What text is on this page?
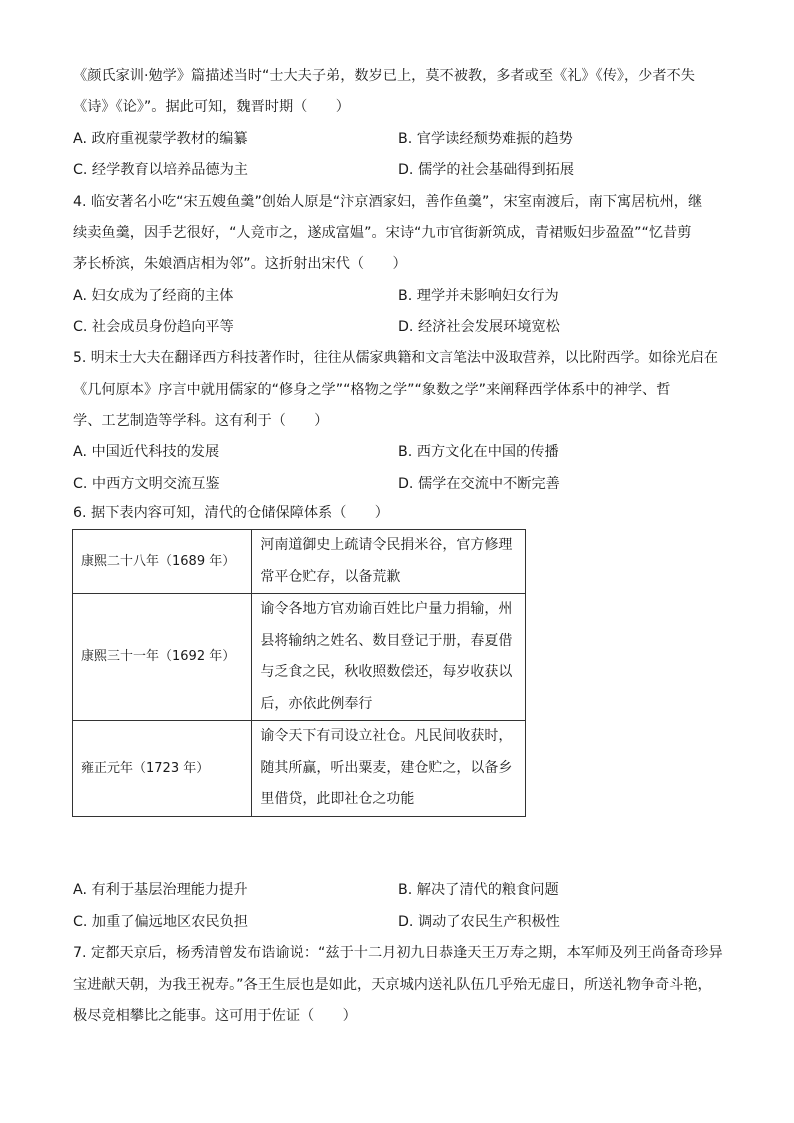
《颜氏家训·勉学》篇描述当时“士大夫子弟，数岁已上，莫不被教，多者或至《礼》《传》，少者不失
《诗》《论》”。据此可知，魏晋时期（　　）
A. 政府重视蒙学教材的编纂	B. 官学读经颓势难振的趋势
C. 经学教育以培养品德为主	D. 儒学的社会基础得到拓展
4. 临安著名小吃“宋五嫂鱼羹”创始人原是“汴京酒家妇，善作鱼羹”，宋室南渡后，南下寓居杭州，继
续卖鱼羹，因手艺很好，“人竞市之，遂成富媪”。宋诗“九市官街新筑成，青裙贩妇步盈盈”“忆昔剪
茅长桥滨，朱娘酒店相为邻”。这折射出宋代（　　）
A. 妇女成为了经商的主体	B. 理学并未影响妇女行为
C. 社会成员身份趋向平等	D. 经济社会发展环境宽松
5. 明末士大夫在翻译西方科技著作时，往往从儒家典籍和文言笔法中汲取营养，以比附西学。如徐光启在
《几何原本》序言中就用儒家的“修身之学”“格物之学”“象数之学”来阐释西学体系中的神学、哲
学、工艺制造等学科。这有利于（　　）
A. 中国近代科技的发展	B. 西方文化在中国的传播
C. 中西方文明交流互鉴	D. 儒学在交流中不断完善
6. 据下表内容可知，清代的仓储保障体系（　　）
康熙二十八年（1689 年）	河南道御史上疏请令民捐米谷，官方修理
常平仓贮存，以备荒歉

康熙三十一年（1692 年）	谕令各地方官劝谕百姓比户量力捐输，州
县将输纳之姓名、数目登记于册，春夏借
与乏食之民，秋收照数偿还，每岁收获以
后，亦依此例奉行

雍正元年（1723 年）	谕令天下有司设立社仓。凡民间收获时，
随其所赢，听出粟麦，建仓贮之，以备乡
里借贷，此即社仓之功能
A. 有利于基层治理能力提升	B. 解决了清代的粮食问题
C. 加重了偏远地区农民负担	D. 调动了农民生产积极性
7. 定都天京后，杨秀清曾发布诰谕说：“兹于十二月初九日恭逢天王万寿之期，本军师及列王尚备奇珍异
宝进献天朝，为我王祝寿。”各王生辰也是如此，天京城内送礼队伍几乎殆无虚日，所送礼物争奇斗艳，
极尽竞相攀比之能事。这可用于佐证（　　）
